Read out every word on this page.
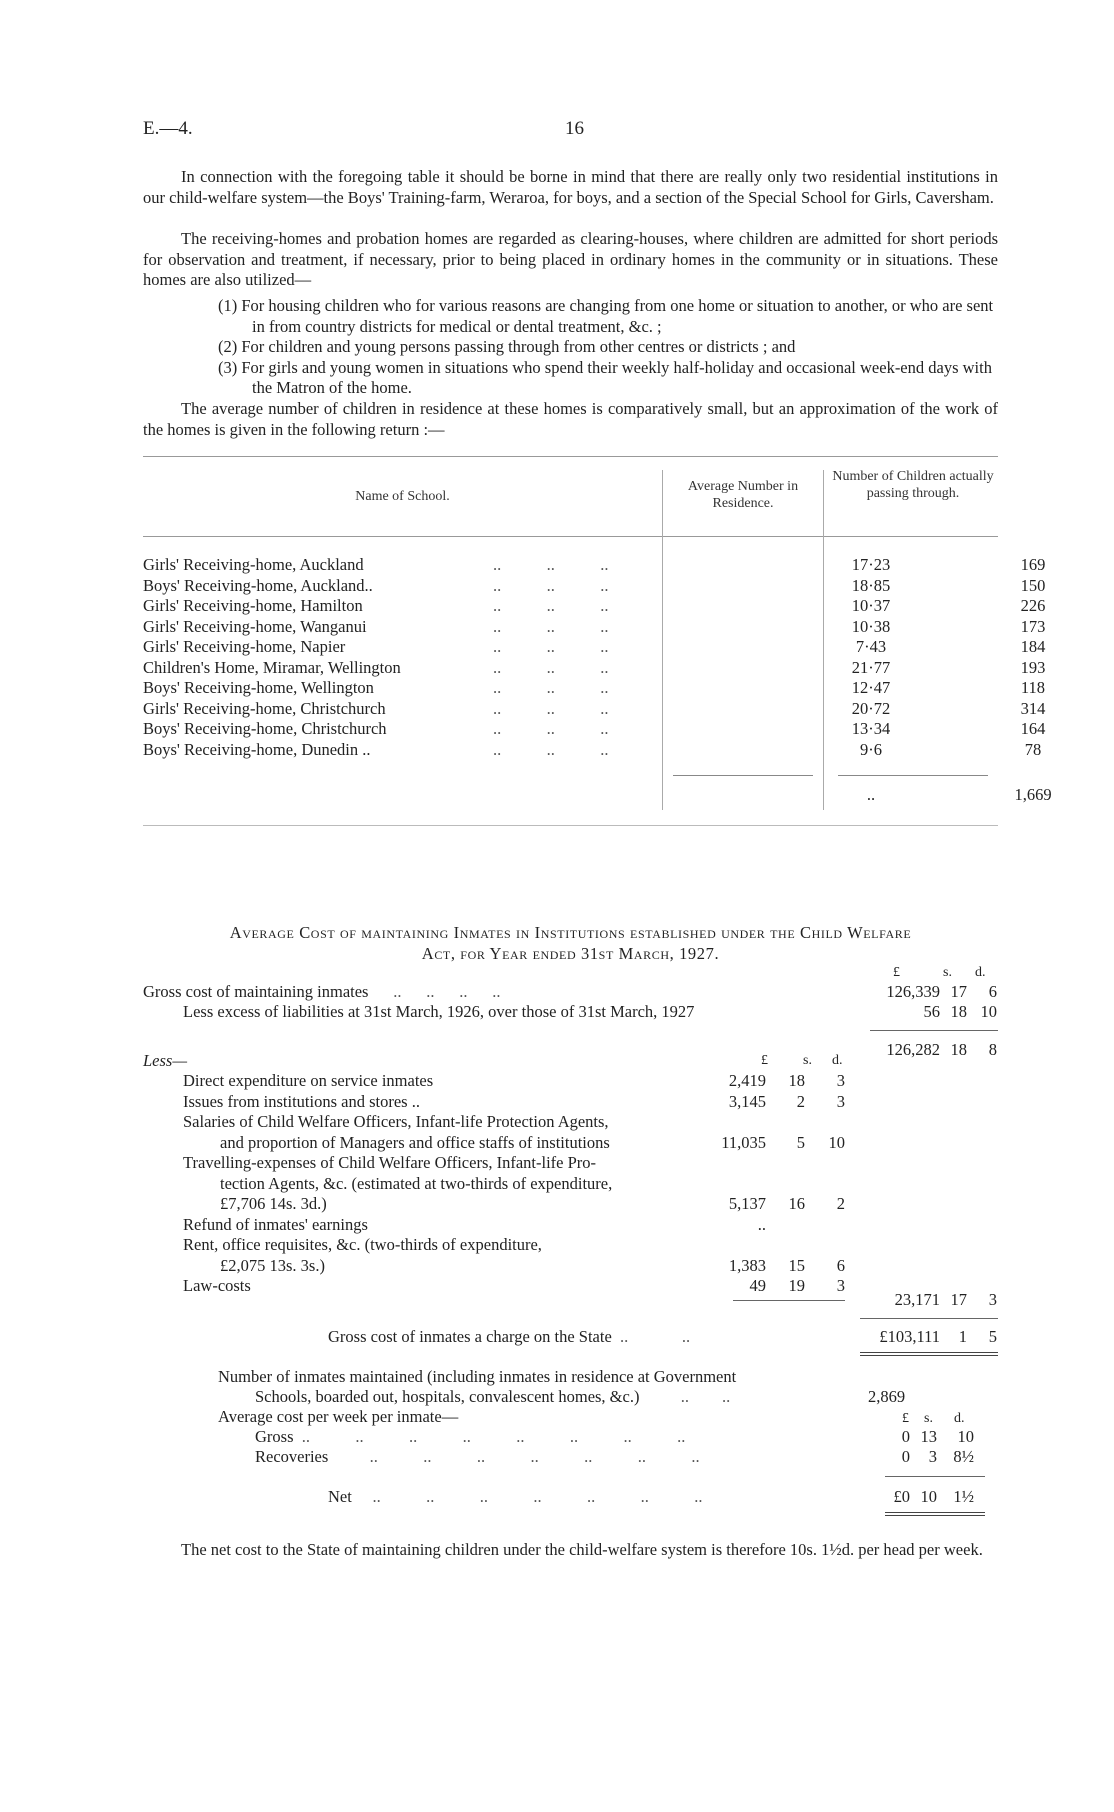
E.—4.	16
In connection with the foregoing table it should be borne in mind that there are really only two residential institutions in our child-welfare system—the Boys' Training-farm, Weraroa, for boys, and a section of the Special School for Girls, Caversham.
The receiving-homes and probation homes are regarded as clearing-houses, where children are admitted for short periods for observation and treatment, if necessary, prior to being placed in ordinary homes in the community or in situations. These homes are also utilized—
(1) For housing children who for various reasons are changing from one home or situation to another, or who are sent in from country districts for medical or dental treatment, &c. ;
(2) For children and young persons passing through from other centres or districts ; and
(3) For girls and young women in situations who spend their weekly half-holiday and occasional week-end days with the Matron of the home.
The average number of children in residence at these homes is comparatively small, but an approximation of the work of the homes is given in the following return :—
Name of School.
Average Number in Residence.
Number of Children actually passing through.
Girls' Receiving-home, Auckland	..           ..           ..	17·23	169
Boys' Receiving-home, Auckland..	..           ..           ..	18·85	150
Girls' Receiving-home, Hamilton	..           ..           ..	10·37	226
Girls' Receiving-home, Wanganui	..           ..           ..	10·38	173
Girls' Receiving-home, Napier	..           ..           ..	7·43	184
Children's Home, Miramar, Wellington	..           ..           ..	21·77	193
Boys' Receiving-home, Wellington	..           ..           ..	12·47	118
Girls' Receiving-home, Christchurch	..           ..           ..	20·72	314
Boys' Receiving-home, Christchurch	..           ..           ..	13·34	164
Boys' Receiving-home, Dunedin ..	..           ..           ..	9·6	78
..	1,669
Average Cost of maintaining Inmates in Institutions established under the Child Welfare
Act, for Year ended 31st March, 1927.
£	s. d.
Gross cost of maintaining inmates      ..      ..      ..      ..	126,339 17	6
Less excess of liabilities at 31st March, 1926, over those of 31st March, 1927	56 18 10
126,282 18	8
Less—	£	s. d.
Direct expenditure on service inmates	2,419	18	3
Issues from institutions and stores ..	3,145	2	3
Salaries of Child Welfare Officers, Infant-life Protection Agents,
and proportion of Managers and office staffs of institutions	11,035	5	10
Travelling-expenses of Child Welfare Officers, Infant-life Pro-
tection Agents, &c. (estimated at two-thirds of expenditure,
£7,706 14s. 3d.)	5,137	16	2
Refund of inmates' earnings	..
Rent, office requisites, &c. (two-thirds of expenditure,
£2,075 13s. 3s.)	1,383	15	6
Law-costs	49	19	3
23,171 17	3
Gross cost of inmates a charge on the State  ..             ..	£103,111	1	5
Number of inmates maintained (including inmates in residence at Government
Schools, boarded out, hospitals, convalescent homes, &c.)          ..        ..	2,869
Average cost per week per inmate—	£ s. d.
Gross  ..           ..           ..           ..           ..           ..           ..           ..	0 13	10
Recoveries          ..           ..           ..           ..           ..           ..           ..	0	3 8½
Net     ..           ..           ..           ..           ..           ..           ..	£0 10 1½
The net cost to the State of maintaining children under the child-welfare system is therefore 10s. 1½d. per head per week.
